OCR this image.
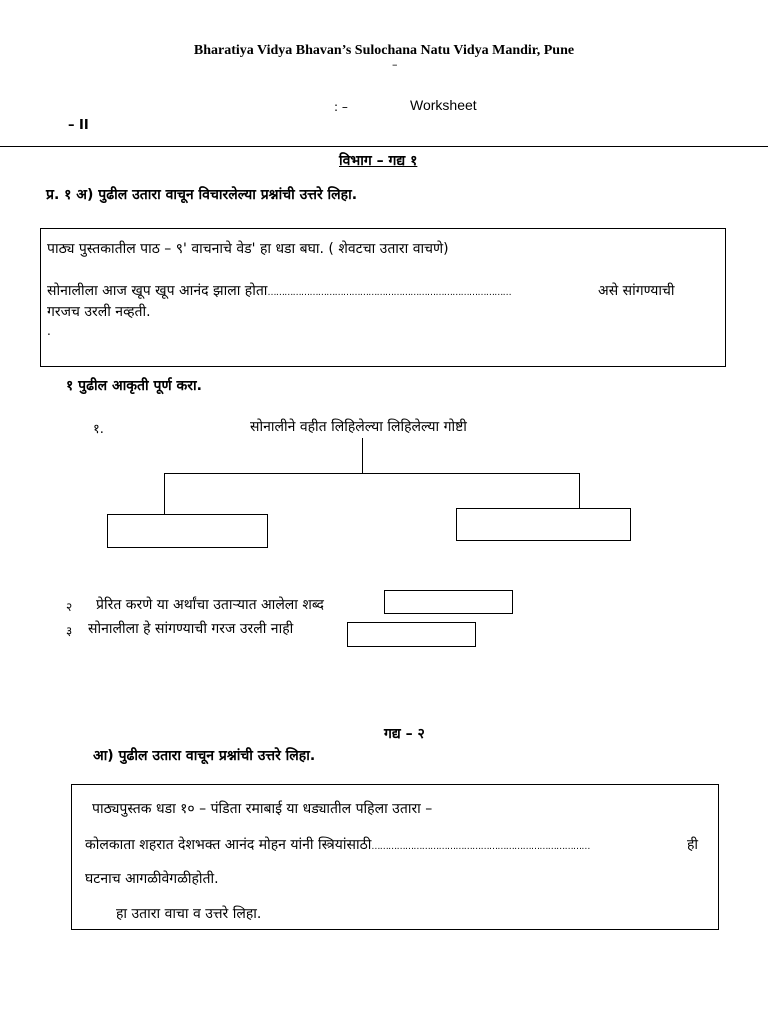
Bharatiya Vidya Bhavan’s Sulochana Natu Vidya Mandir, Pune
–
: –	Worksheet
– II
विभाग – गद्य १
प्र. १ अ) पुढील उतारा वाचून विचारलेल्या प्रश्नांची उत्तरे लिहा.
पाठ्य पुस्तकातील पाठ – ९' वाचनाचे वेड' हा धडा बघा. ( शेवटचा उतारा वाचणे)
सोनालीला आज खूप खूप आनंद झाला होता……………………………………………………………………………	असे सांगण्याची
गरजच उरली नव्हती.
.
१ पुढील आकृती पूर्ण करा.
१.	सोनालीने वहीत लिहिलेल्या लिहिलेल्या गोष्टी
२ प्रेरित करणे या अर्थांचा उताऱ्यात आलेला शब्द
३ सोनालीला हे सांगण्याची गरज उरली नाही
गद्य – २
आ) पुढील उतारा वाचून प्रश्नांची उत्तरे लिहा.
पाठ्यपुस्तक धडा १० – पंडिता रमाबाई या धड्यातील पहिला उतारा –
कोलकाता शहरात देशभक्त आनंद मोहन यांनी स्त्रियांसाठी……………………………………………………………………	ही
घटनाच आगळीवेगळीहोती.
हा उतारा वाचा व उत्तरे लिहा.
